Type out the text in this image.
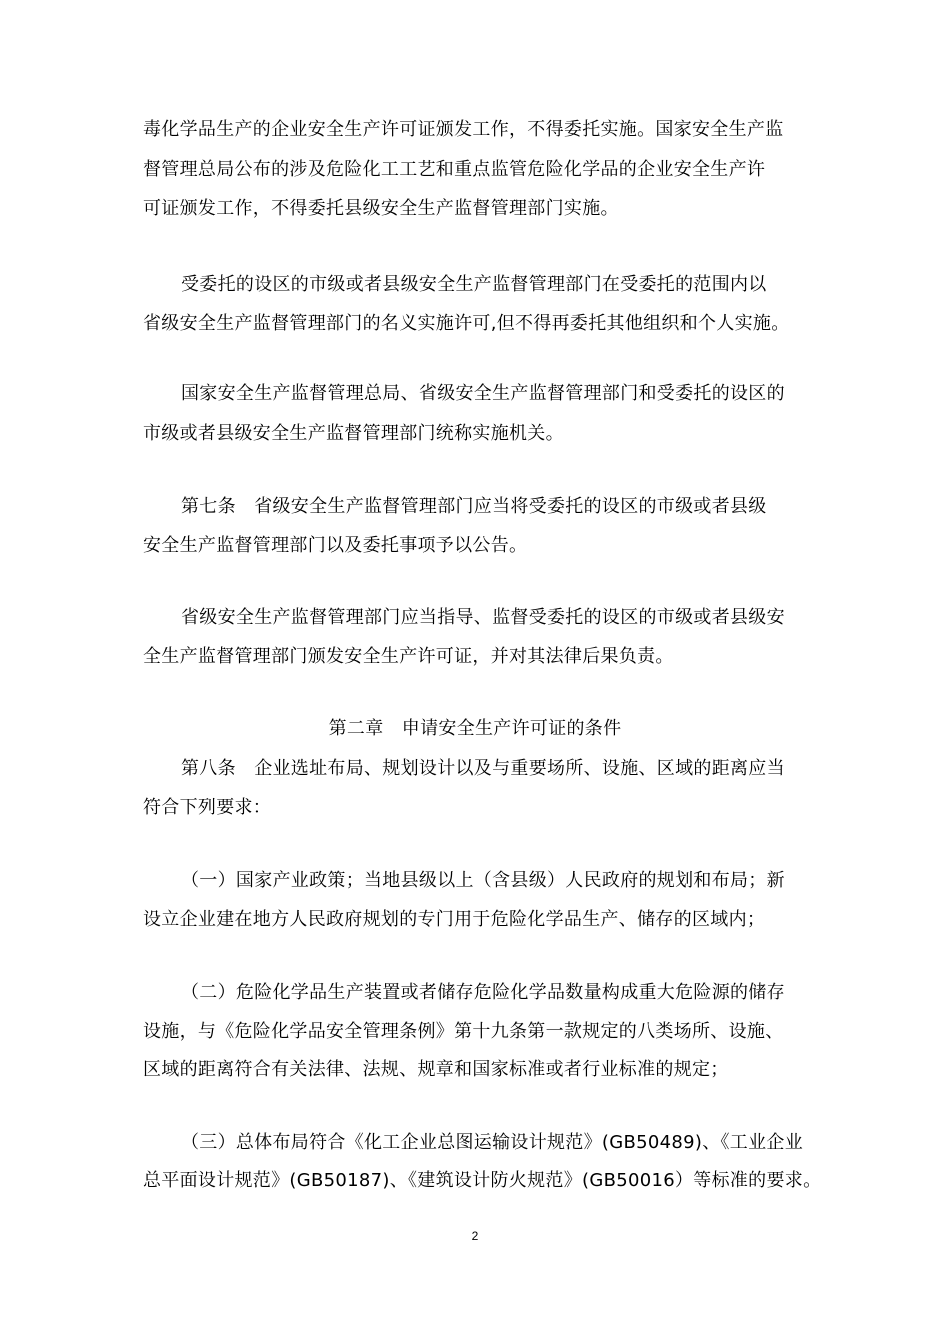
毒化学品生产的企业安全生产许可证颁发工作，不得委托实施。国家安全生产监
督管理总局公布的涉及危险化工工艺和重点监管危险化学品的企业安全生产许
可证颁发工作，不得委托县级安全生产监督管理部门实施。
受委托的设区的市级或者县级安全生产监督管理部门在受委托的范围内以
省级安全生产监督管理部门的名义实施许可,但不得再委托其他组织和个人实施。
国家安全生产监督管理总局、省级安全生产监督管理部门和受委托的设区的
市级或者县级安全生产监督管理部门统称实施机关。
第七条　省级安全生产监督管理部门应当将受委托的设区的市级或者县级
安全生产监督管理部门以及委托事项予以公告。
省级安全生产监督管理部门应当指导、监督受委托的设区的市级或者县级安
全生产监督管理部门颁发安全生产许可证，并对其法律后果负责。
第二章　申请安全生产许可证的条件
第八条　企业选址布局、规划设计以及与重要场所、设施、区域的距离应当
符合下列要求：
（一）国家产业政策；当地县级以上（含县级）人民政府的规划和布局；新
设立企业建在地方人民政府规划的专门用于危险化学品生产、储存的区域内；
（二）危险化学品生产装置或者储存危险化学品数量构成重大危险源的储存
设施，与《危险化学品安全管理条例》第十九条第一款规定的八类场所、设施、
区域的距离符合有关法律、法规、规章和国家标准或者行业标准的规定；
（三）总体布局符合《化工企业总图运输设计规范》(GB50489)、《工业企业
总平面设计规范》(GB50187)、《建筑设计防火规范》(GB50016）等标准的要求。
2
